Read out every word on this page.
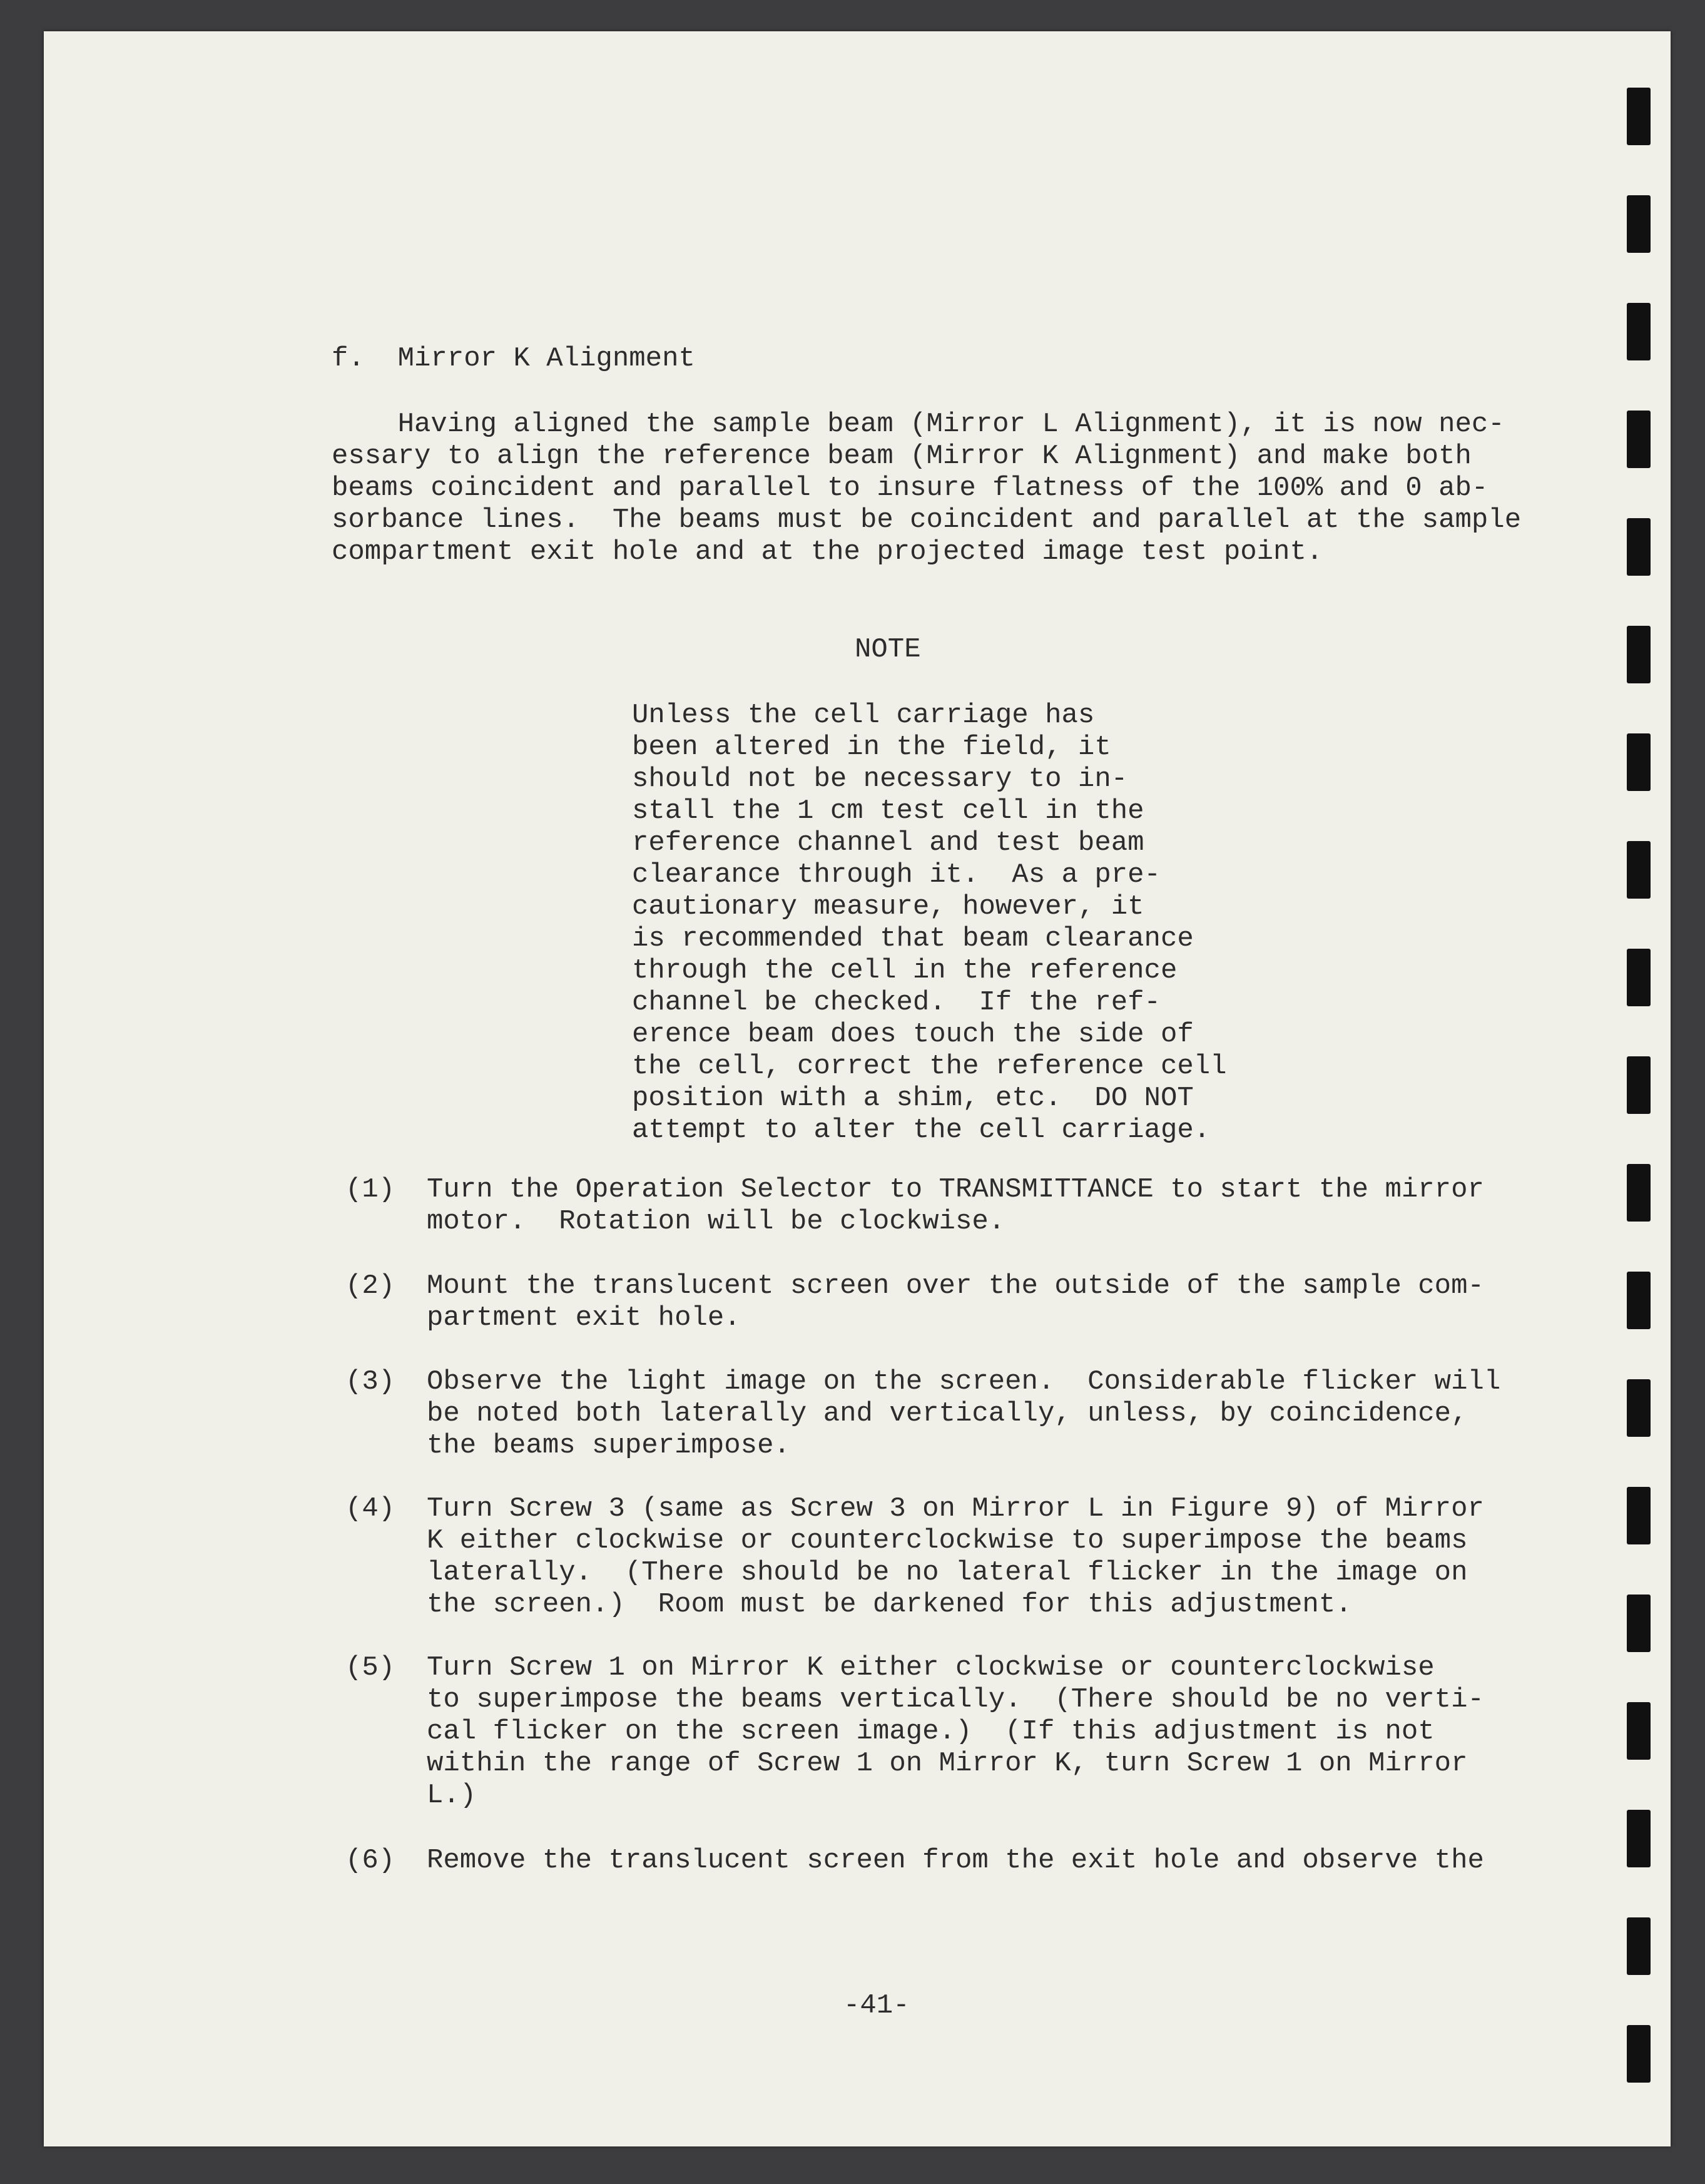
f.  Mirror K Alignment

Having aligned the sample beam (Mirror L Alignment), it is now nec-
essary to align the reference beam (Mirror K Alignment) and make both
beams coincident and parallel to insure flatness of the 100% and 0 ab-
sorbance lines.  The beams must be coincident and parallel at the sample
compartment exit hole and at the projected image test point.

NOTE

Unless the cell carriage has
been altered in the field, it
should not be necessary to in-
stall the 1 cm test cell in the
reference channel and test beam
clearance through it.  As a pre-
cautionary measure, however, it
is recommended that beam clearance
through the cell in the reference
channel be checked.  If the ref-
erence beam does touch the side of
the cell, correct the reference cell
position with a shim, etc.  DO NOT
attempt to alter the cell carriage.

(1) Turn the Operation Selector to TRANSMITTANCE to start the mirror
motor.  Rotation will be clockwise.
(2) Mount the translucent screen over the outside of the sample com-
partment exit hole.
(3) Observe the light image on the screen.  Considerable flicker will
be noted both laterally and vertically, unless, by coincidence,
the beams superimpose.
(4) Turn Screw 3 (same as Screw 3 on Mirror L in Figure 9) of Mirror
K either clockwise or counterclockwise to superimpose the beams
laterally.  (There should be no lateral flicker in the image on
the screen.)  Room must be darkened for this adjustment.
(5) Turn Screw 1 on Mirror K either clockwise or counterclockwise
to superimpose the beams vertically.  (There should be no verti-
cal flicker on the screen image.)  (If this adjustment is not
within the range of Screw 1 on Mirror K, turn Screw 1 on Mirror
L.)
(6) Remove the translucent screen from the exit hole and observe the

-41-
